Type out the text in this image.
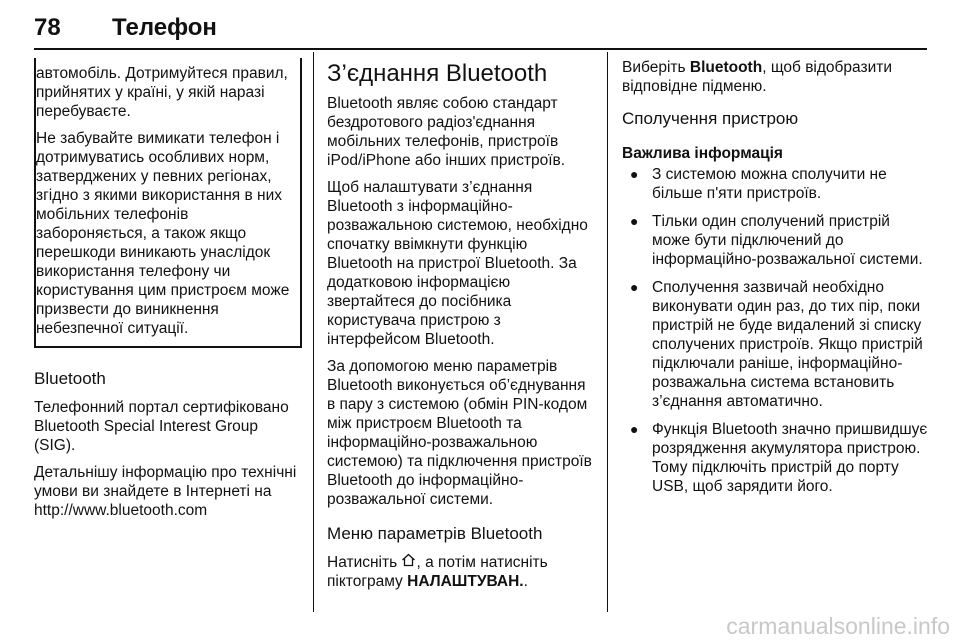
78 Телефон

автомобіль. Дотримуйтеся правил, прийнятих у країні, у якій наразі перебуваєте.

Не забувайте вимикати телефон і дотримуватись особливих норм, затверджених у певних регіонах, згідно з якими використання в них мобільних телефонів забороняється, а також якщо перешкоди виникають унаслідок використання телефону чи користування цим пристроєм може призвести до виникнення небезпечної ситуації.

Bluetooth

Телефонний портал сертифіковано Bluetooth Special Interest Group (SIG).

Детальнішу інформацію про технічні умови ви знайдете в Інтернеті на

http://www.bluetooth.com
З’єднання Bluetooth

Bluetooth являє собою стандарт бездротового радіоз'єднання мобільних телефонів, пристроїв iPod/iPhone або інших пристроїв.

Щоб налаштувати з’єднання Bluetooth з інформаційно-розважальною системою, необхідно спочатку ввімкнути функцію Bluetooth на пристрої Bluetooth. За додатковою інформацією звертайтеся до посібника користувача пристрою з інтерфейсом Bluetooth.

За допомогою меню параметрів Bluetooth виконується об’єднування в пару з системою (обмін PIN-кодом між пристроєм Bluetooth та інформаційно-розважальною системою) та підключення пристроїв Bluetooth до інформаційно-розважальної системи.

Меню параметрів Bluetooth

Натисніть , а потім натисніть піктограму НАЛАШТУВАН..

Виберіть Bluetooth, щоб відобразити відповідне підменю.

Сполучення пристрою
Важлива інформація
● З системою можна сполучити не більше п'яти пристроїв.
● Тільки один сполучений пристрій може бути підключений до інформаційно-розважальної системи.
● Сполучення зазвичай необхідно виконувати один раз, до тих пір, поки пристрій не буде видалений зі списку сполучених пристроїв. Якщо пристрій підключали раніше, інформаційно-розважальна система встановить з’єднання автоматично.
● Функція Bluetooth значно пришвидшує розрядження акумулятора пристрою. Тому підключіть пристрій до порту USB, щоб зарядити його.
carmanualsonline.info
